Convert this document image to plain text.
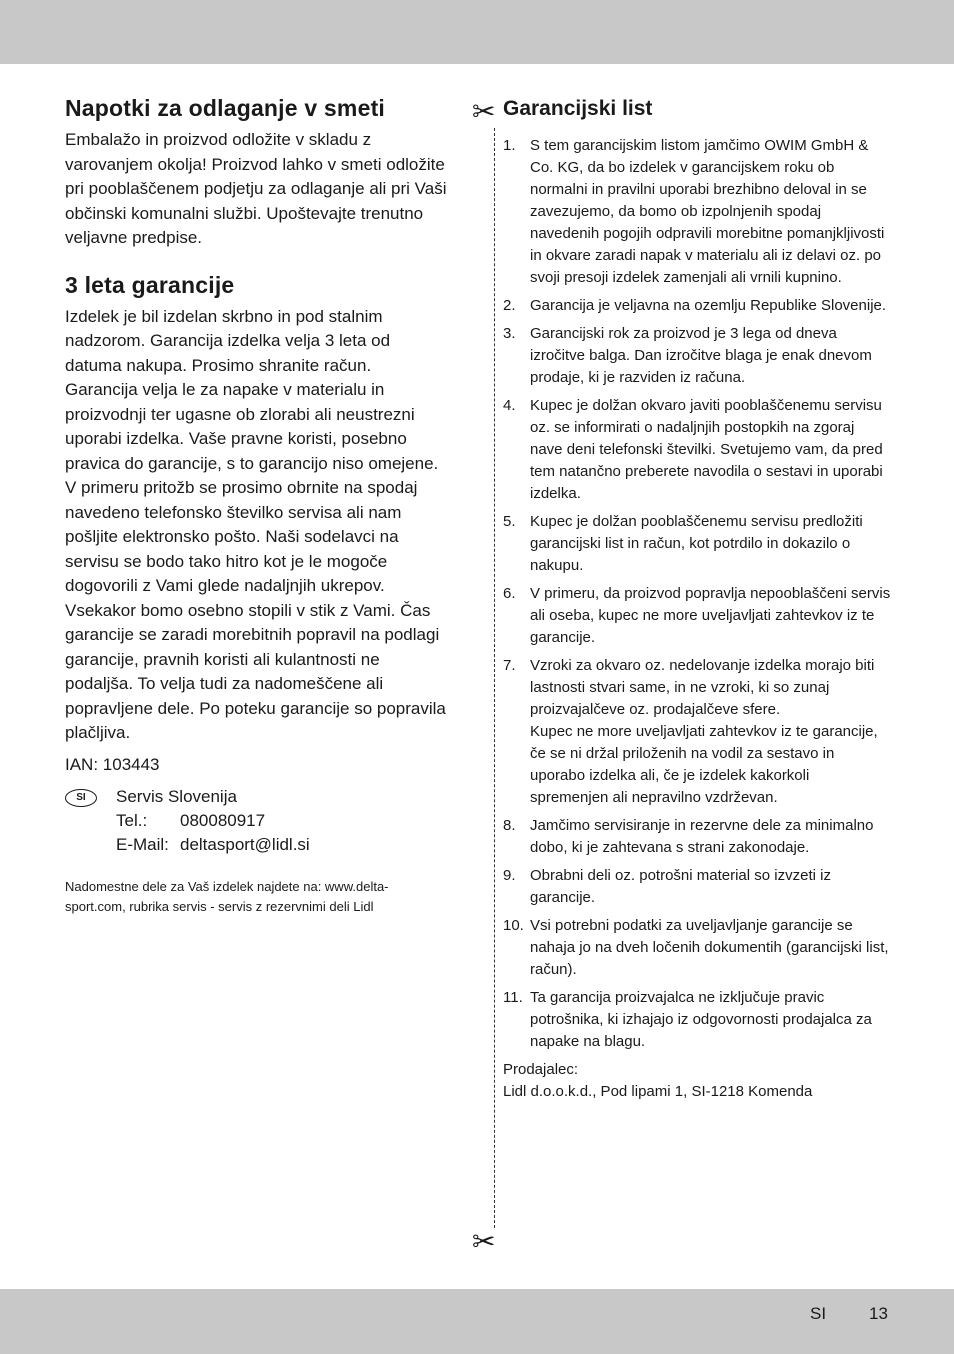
Napotki za odlaganje v smeti

Embalažo in proizvod odložite v skladu z varovanjem okolja! Proizvod lahko v smeti odložite pri pooblaščenem podjetju za odlaganje ali pri Vaši občinski komunalni službi. Upoštevajte trenutno veljavne predpise.

3 leta garancije

Izdelek je bil izdelan skrbno in pod stalnim nadzorom. Garancija izdelka velja 3 leta od datuma nakupa. Prosimo shranite račun. Garancija velja le za napake v materialu in proizvodnji ter ugasne ob zlorabi ali neustrezni uporabi izdelka. Vaše pravne koristi, posebno pravica do garancije, s to garancijo niso omejene. V primeru pritožb se prosimo obrnite na spodaj navedeno telefonsko številko servisa ali nam pošljite elektronsko pošto. Naši sodelavci na servisu se bodo tako hitro kot je le mogoče dogovorili z Vami glede nadaljnjih ukrepov. Vsekakor bomo osebno stopili v stik z Vami. Čas garancije se zaradi morebitnih popravil na podlagi garancije, pravnih koristi ali kulantnosti ne podaljša. To velja tudi za nadomeščene ali popravljene dele. Po poteku garancije so popravila plačljiva.

IAN: 103443

SI	Servis Slovenija
Tel.:	080080917
E-Mail: deltasport@lidl.si

Nadomestne dele za Vaš izdelek najdete na: www.delta-sport.com, rubrika servis - servis z rezervnimi deli Lidl

✂
✂
Garancijski list
1. S tem garancijskim listom jamčimo OWIM GmbH & Co. KG, da bo izdelek v garancijskem roku ob normalni in pravilni uporabi brezhibno deloval in se zavezujemo, da bomo ob izpolnjenih spodaj navedenih pogojih odpravili morebitne pomanjkljivosti in okvare zaradi napak v materialu ali iz delavi oz. po svoji presoji izdelek zamenjali ali vrnili kupnino.
2. Garancija je veljavna na ozemlju Republike Slovenije.
3. Garancijski rok za proizvod je 3 lega od dneva izročitve balga. Dan izročitve blaga je enak dnevom prodaje, ki je razviden iz računa.
4. Kupec je dolžan okvaro javiti pooblaščenemu servisu oz. se informirati o nadaljnjih postopkih na zgoraj nave deni telefonski številki. Svetujemo vam, da pred tem natančno preberete navodila o sestavi in uporabi izdelka.
5. Kupec je dolžan pooblaščenemu servisu predložiti garancijski list in račun, kot potrdilo in dokazilo o nakupu.
6. V primeru, da proizvod popravlja nepooblaščeni servis ali oseba, kupec ne more uveljavljati zahtevkov iz te garancije.
7. Vzroki za okvaro oz. nedelovanje izdelka morajo biti lastnosti stvari same, in ne vzroki, ki so zunaj proizvajalčeve oz. prodajalčeve sfere.
Kupec ne more uveljavljati zahtevkov iz te garancije, če se ni držal priloženih na vodil za sestavo in uporabo izdelka ali, če je izdelek kakorkoli spremenjen ali nepravilno vzdrževan.
8. Jamčimo servisiranje in rezervne dele za minimalno dobo, ki je zahtevana s strani zakonodaje.
9. Obrabni deli oz. potrošni material so izvzeti iz garancije.
10. Vsi potrebni podatki za uveljavljanje garancije se nahaja jo na dveh ločenih dokumentih (garancijski list, račun).
11. Ta garancija proizvajalca ne izključuje pravic potrošnika, ki izhajajo iz odgovornosti prodajalca za napake na blagu.
Prodajalec:
Lidl d.o.o.k.d., Pod lipami 1, SI-1218 Komenda
SI	13
